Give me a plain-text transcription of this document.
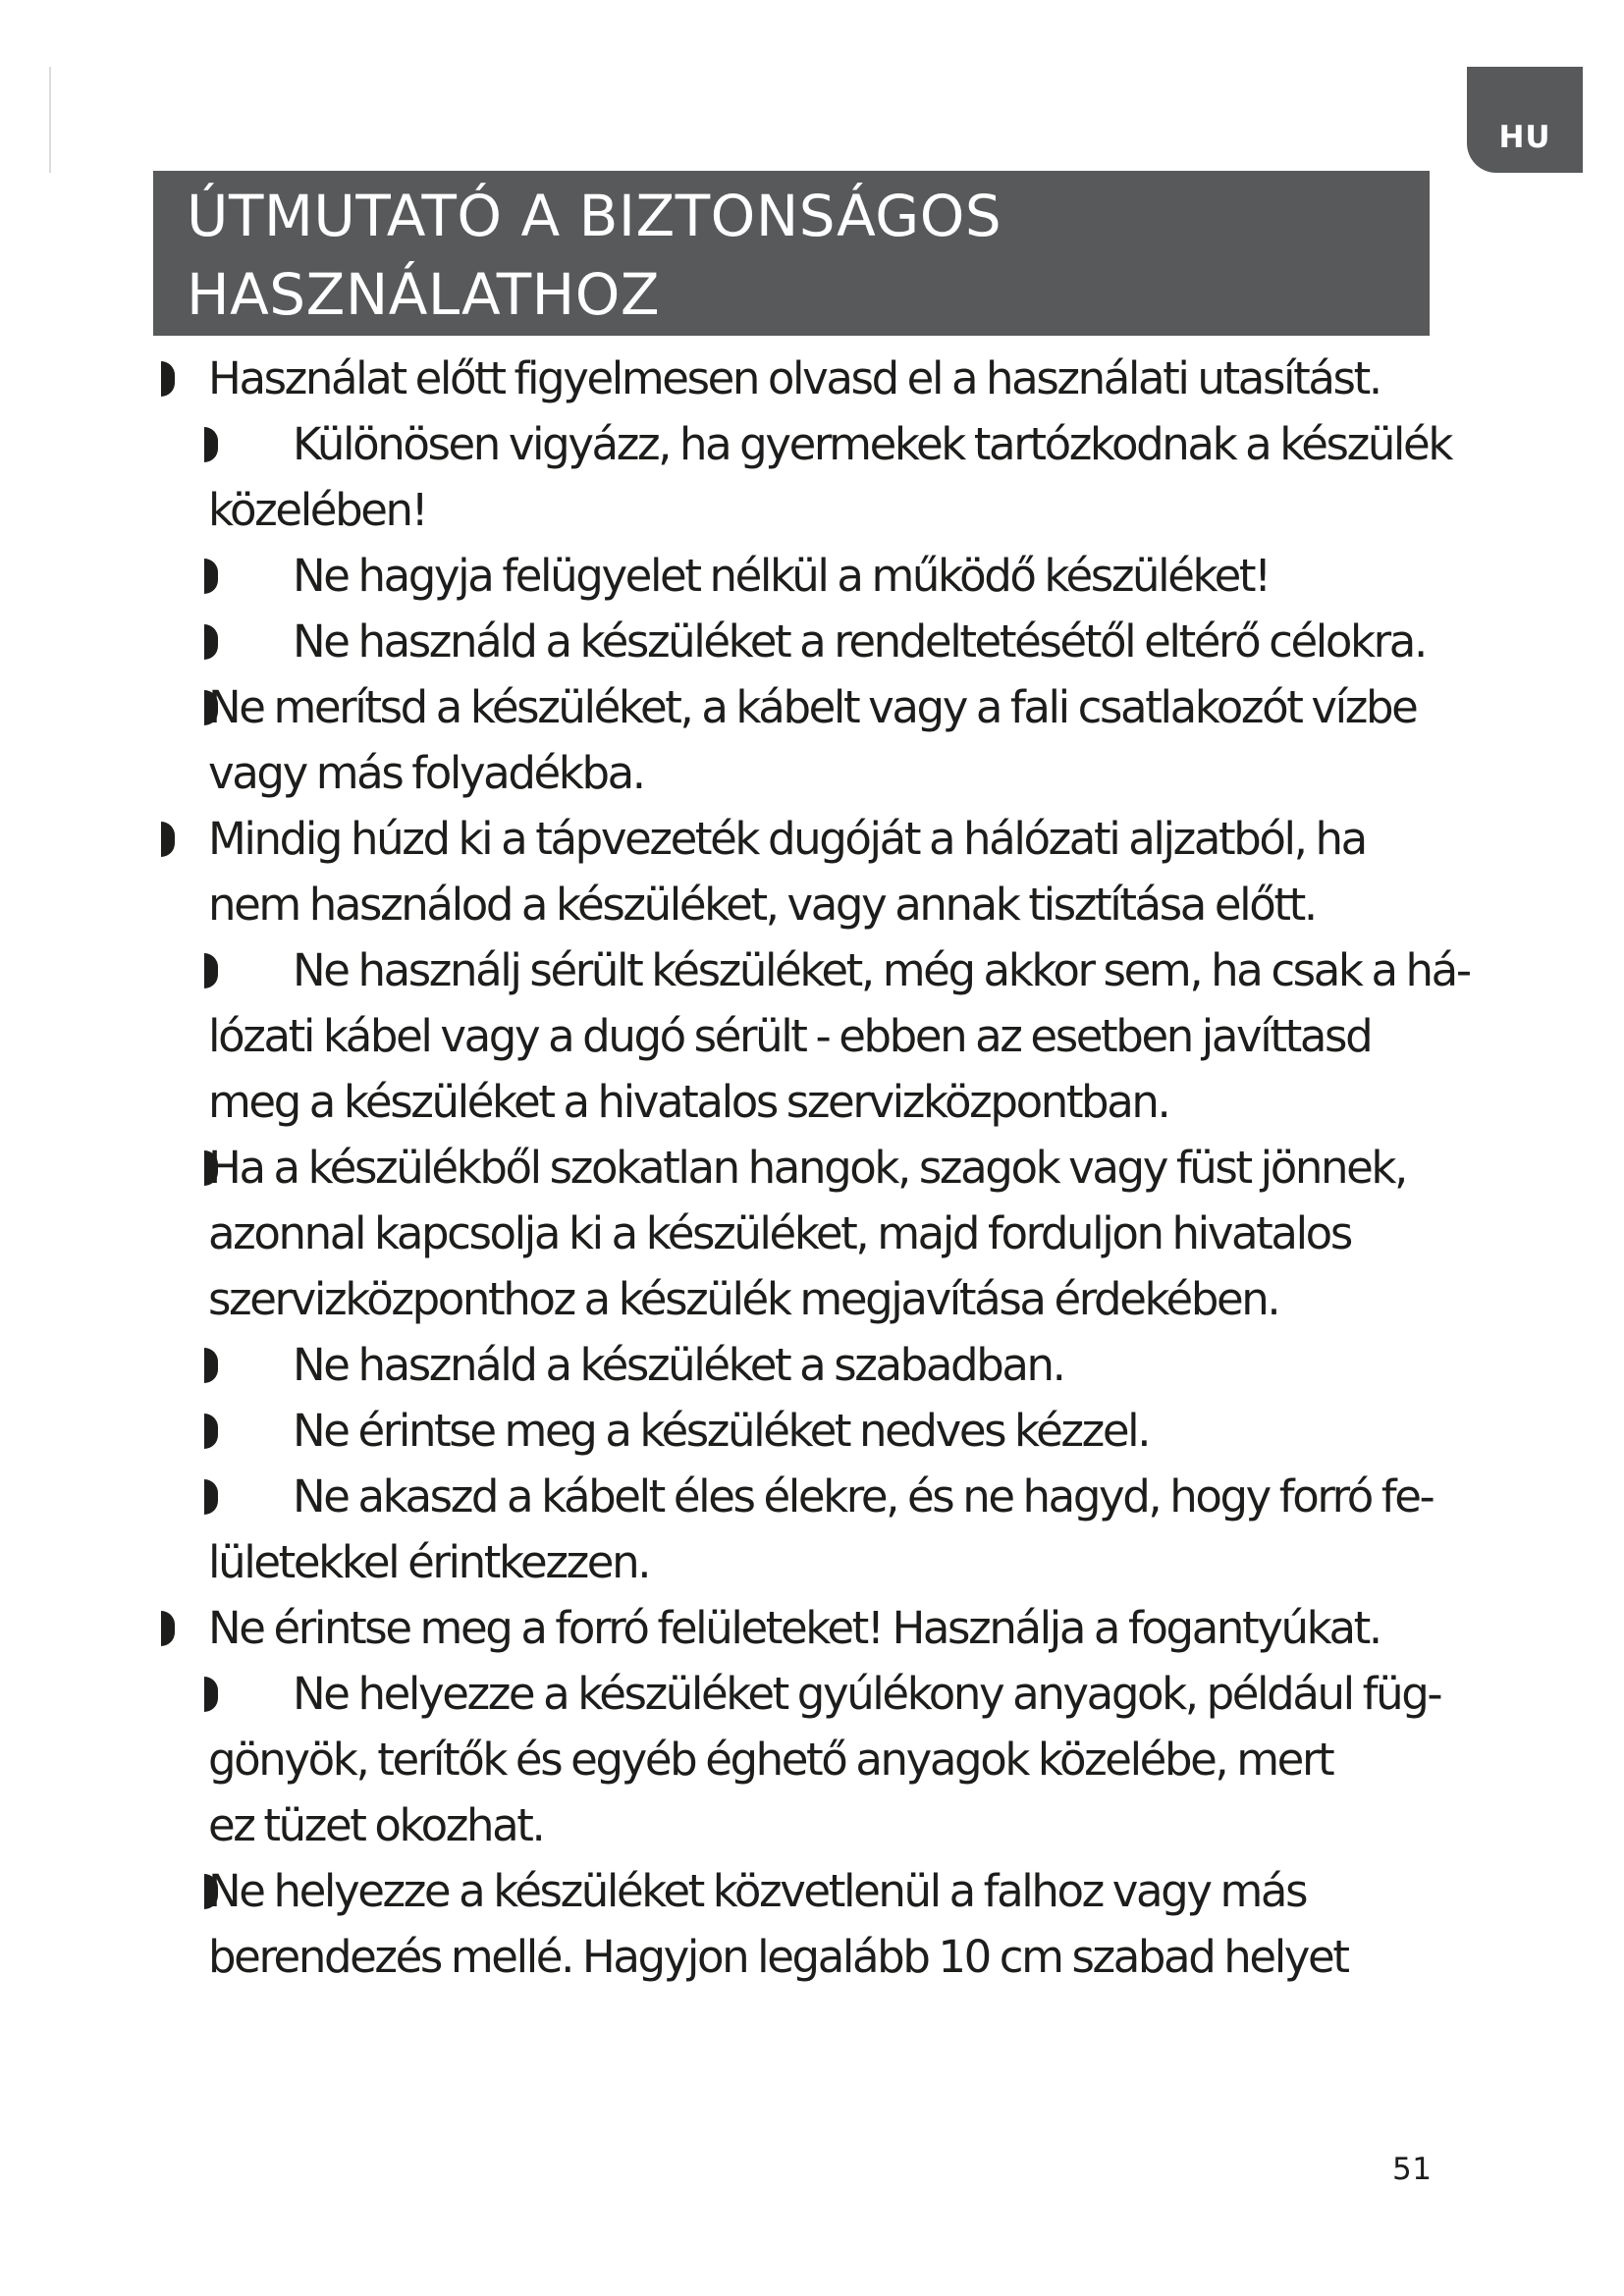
HU
ÚTMUTATÓ A BIZTONSÁGOS
HASZNÁLATHOZ
Használat előtt figyelmesen olvasd el a használati utasítást.
Különösen vigyázz, ha gyermekek tartózkodnak a készülék
közelében!
Ne hagyja felügyelet nélkül a működő készüléket!
Ne használd a készüléket a rendeltetésétől eltérő célokra.
Ne merítsd a készüléket, a kábelt vagy a fali csatlakozót vízbe
vagy más folyadékba.
Mindig húzd ki a tápvezeték dugóját a hálózati aljzatból, ha
nem használod a készüléket, vagy annak tisztítása előtt.
Ne használj sérült készüléket, még akkor sem, ha csak a há-
lózati kábel vagy a dugó sérült - ebben az esetben javíttasd
meg a készüléket a hivatalos szervizközpontban.
Ha a készülékből szokatlan hangok, szagok vagy füst jönnek,
azonnal kapcsolja ki a készüléket, majd forduljon hivatalos
szervizközponthoz a készülék megjavítása érdekében.
Ne használd a készüléket a szabadban.
Ne érintse meg a készüléket nedves kézzel.
Ne akaszd a kábelt éles élekre, és ne hagyd, hogy forró fe-
lületekkel érintkezzen.
Ne érintse meg a forró felületeket! Használja a fogantyúkat.
Ne helyezze a készüléket gyúlékony anyagok, például füg-
gönyök, terítők és egyéb éghető anyagok közelébe, mert
ez tüzet okozhat.
Ne helyezze a készüléket közvetlenül a falhoz vagy más
berendezés mellé. Hagyjon legalább 10 cm szabad helyet
51
